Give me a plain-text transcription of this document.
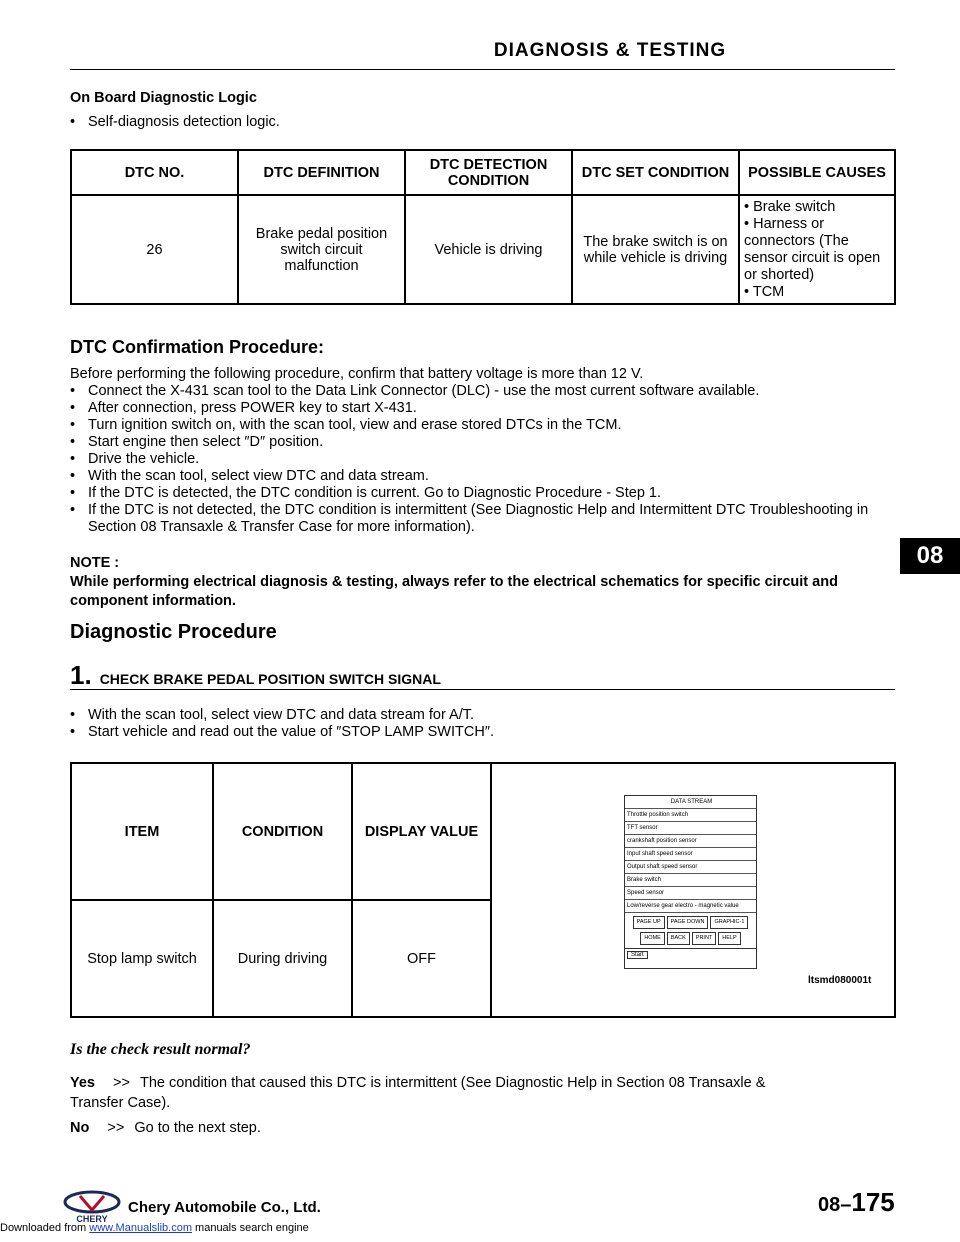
DIAGNOSIS & TESTING
On Board Diagnostic Logic
• Self-diagnosis detection logic.
DTC NO.	DTC DEFINITION	DTC DETECTION CONDITION	DTC SET CONDITION	POSSIBLE CAUSES
26	Brake pedal position switch circuit malfunction	Vehicle is driving	The brake switch is on while vehicle is driving	• Brake switch
• Harness or connectors (The sensor circuit is open or shorted)
• TCM
DTC Confirmation Procedure:
Before performing the following procedure, confirm that battery voltage is more than 12 V.
• Connect the X-431 scan tool to the Data Link Connector (DLC) - use the most current software available.
• After connection, press POWER key to start X-431.
• Turn ignition switch on, with the scan tool, view and erase stored DTCs in the TCM.
• Start engine then select ″D″ position.
• Drive the vehicle.
• With the scan tool, select view DTC and data stream.
• If the DTC is detected, the DTC condition is current. Go to Diagnostic Procedure - Step 1.
• If the DTC is not detected, the DTC condition is intermittent (See Diagnostic Help and Intermittent DTC Troubleshooting in Section 08 Transaxle & Transfer Case for more information).
NOTE :
While performing electrical diagnosis & testing, always refer to the electrical schematics for specific circuit and component information.
Diagnostic Procedure
1. CHECK BRAKE PEDAL POSITION SWITCH SIGNAL
• With the scan tool, select view DTC and data stream for A/T.
• Start vehicle and read out the value of ″STOP LAMP SWITCH″.
ITEM	CONDITION	DISPLAY VALUE	
Stop lamp switch	During driving	OFF	
DATA STREAM
Throttle position switch
TFT sensor
crankshaft position sensor
Input shaft speed sensor
Output shaft speed sensor
Brake switch
Speed sensor
Low/reverse gear electro - magnetic value
PAGE UP	PAGE DOWN	GRAPHIC-1
HOME	BACK	PRINT	HELP
Start
ltsmd080001t
Is the check result normal?
Yes >> The condition that caused this DTC is intermittent (See Diagnostic Help in Section 08 Transaxle &
Transfer Case).
No >> Go to the next step.
08
CHERY
Chery Automobile Co., Ltd.	08–175
Downloaded from www.Manualslib.com manuals search engine
